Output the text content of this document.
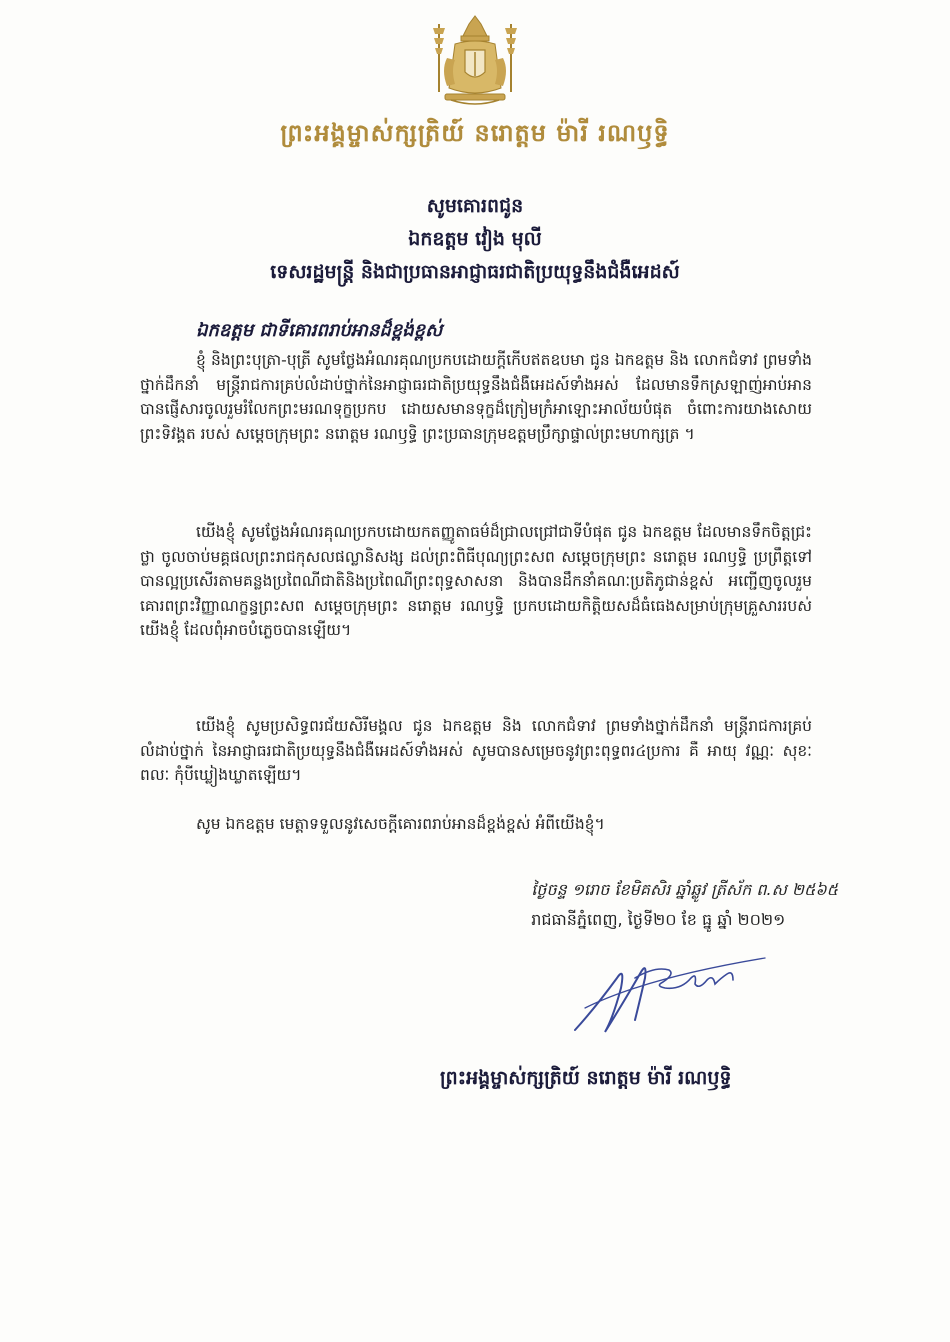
ព្រះអង្គម្ចាស់ក្សត្រិយ៍ នរោត្តម ម៉ារី រណឫទ្ធិ
សូមគោរពជូន
ឯកឧត្តម វៀង មុលី
ទេសរដ្ឋមន្ត្រី និងជាប្រធានអាជ្ញាធរជាតិប្រយុទ្ធនឹងជំងឺអេដស៍
ឯកឧត្តម ជាទីគោរពរាប់អានដ៏ខ្ពង់ខ្ពស់

ខ្ញុំ និងព្រះបុត្រា-បុត្រី សូមថ្លែងអំណរគុណប្រកបដោយក្តីកើបឥតឧបមា ជូន ឯកឧត្តម និង លោកជំទាវ ព្រមទាំងថ្នាក់ដឹកនាំ មន្ត្រីរាជការគ្រប់លំដាប់ថ្នាក់នៃអាជ្ញាធរជាតិប្រយុទ្ធនឹងជំងឺអេដស៍ទាំងអស់ ដែលមានទឹកស្រឡាញ់អាប់អាន បានផ្ញើសារចូលរួមរំលែកព្រះមរណទុក្ខប្រកប ដោយសមានទុក្ខដ៏ក្រៀមក្រំអាឡោះអាល័យបំផុត ចំពោះការយាងសោយព្រះទិវង្គត របស់ សម្តេចក្រុមព្រះ នរោត្តម រណឫទ្ធិ ព្រះប្រធានក្រុមឧត្តមប្រឹក្សាផ្ទាល់ព្រះមហាក្សត្រ ។

យើងខ្ញុំ សូមថ្លែងអំណរគុណប្រកបដោយកតញ្ញូតាធម៌ដ៏ជ្រាលជ្រៅជាទីបំផុត ជូន ឯកឧត្តម ដែលមានទឹកចិត្តជ្រះថ្លា ចូលចាប់មគ្គផលព្រះរាជកុសលផល្លានិសង្ស ដល់ព្រះពិធីបុណ្យព្រះសព សម្តេចក្រុមព្រះ នរោត្តម រណឫទ្ធិ ប្រព្រឹត្តទៅបានល្អប្រសើរតាមគន្លងប្រពៃណីជាតិនិងប្រពៃណីព្រះពុទ្ធសាសនា និងបានដឹកនាំគណៈប្រតិភូជាន់ខ្ពស់ អញ្ជើញចូលរួមគោរពព្រះវិញ្ញាណក្ខន្ធព្រះសព សម្តេចក្រុមព្រះ នរោត្តម រណឫទ្ធិ ប្រកបដោយកិត្តិយសដ៏ធំធេងសម្រាប់ក្រុមគ្រួសាររបស់យើងខ្ញុំ ដែលពុំអាចបំភ្លេចបានឡើយ។

យើងខ្ញុំ សូមប្រសិទ្ធពរជ័យសិរីមង្គល ជូន ឯកឧត្តម និង លោកជំទាវ ព្រមទាំងថ្នាក់ដឹកនាំ មន្ត្រីរាជការគ្រប់លំដាប់ថ្នាក់ នៃអាជ្ញាធរជាតិប្រយុទ្ធនឹងជំងឺអេដស៍ទាំងអស់ សូមបានសម្រេចនូវព្រះពុទ្ធពរ៤ប្រការ គឺ អាយុ វណ្ណៈ សុខៈ ពលៈ កុំបីឃ្លៀងឃ្លាតឡើយ។

សូម ឯកឧត្តម មេត្តាទទួលនូវសេចក្តីគោរពរាប់អានដ៏ខ្ពង់ខ្ពស់ អំពីយើងខ្ញុំ។

ថ្ងៃចន្ទ ១រោច ខែមិគសិរ ឆ្នាំឆ្លូវ ត្រីស័ក ព.ស ២៥៦៥
រាជធានីភ្នំពេញ, ថ្ងៃទី២០ ខែ ធ្នូ ឆ្នាំ ២០២១
ព្រះអង្គម្ចាស់ក្សត្រិយ៍ នរោត្តម ម៉ារី រណឫទ្ធិ
